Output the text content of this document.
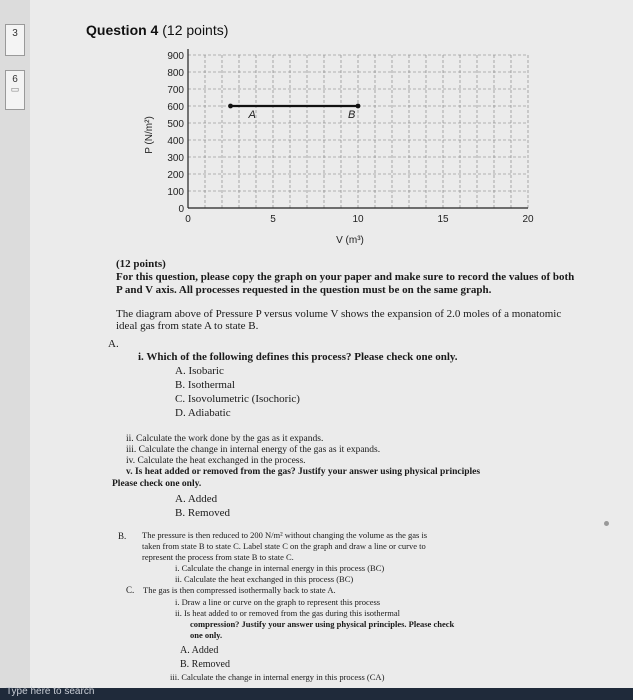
3
6
▭
Question 4 (12 points)
0
100
200
300
400
500
600
700
800
900
0	5	10	15	20
A	B
P (N/m²)
V (m³)
(12 points)
For this question, please copy the graph on your paper and make sure to record the values of both
P and V axis. All processes requested in the question must be on the same graph.
The diagram above of Pressure P versus volume V shows the expansion of 2.0 moles of a monatomic
ideal gas from state A to state B.
A.
i. Which of the following defines this process? Please check one only.
A. Isobaric
B. Isothermal
C. Isovolumetric (Isochoric)
D. Adiabatic
ii. Calculate the work done by the gas as it expands.
iii. Calculate the change in internal energy of the gas as it expands.
iv. Calculate the heat exchanged in the process.
v. Is heat added or removed from the gas? Justify your answer using physical principles
Please check one only.
A. Added
B. Removed
B. The pressure is then reduced to 200 N/m² without changing the volume as the gas is
taken from state B to state C. Label state C on the graph and draw a line or curve to
represent the process from state B to state C.
i. Calculate the change in internal energy in this process (BC)
ii. Calculate the heat exchanged in this process (BC)
C. The gas is then compressed isothermally back to state A.
i. Draw a line or curve on the graph to represent this process
ii. Is heat added to or removed from the gas during this isothermal
compression? Justify your answer using physical principles. Please check
one only.
A. Added
B. Removed
iii. Calculate the change in internal energy in this process (CA)
Type here to search
